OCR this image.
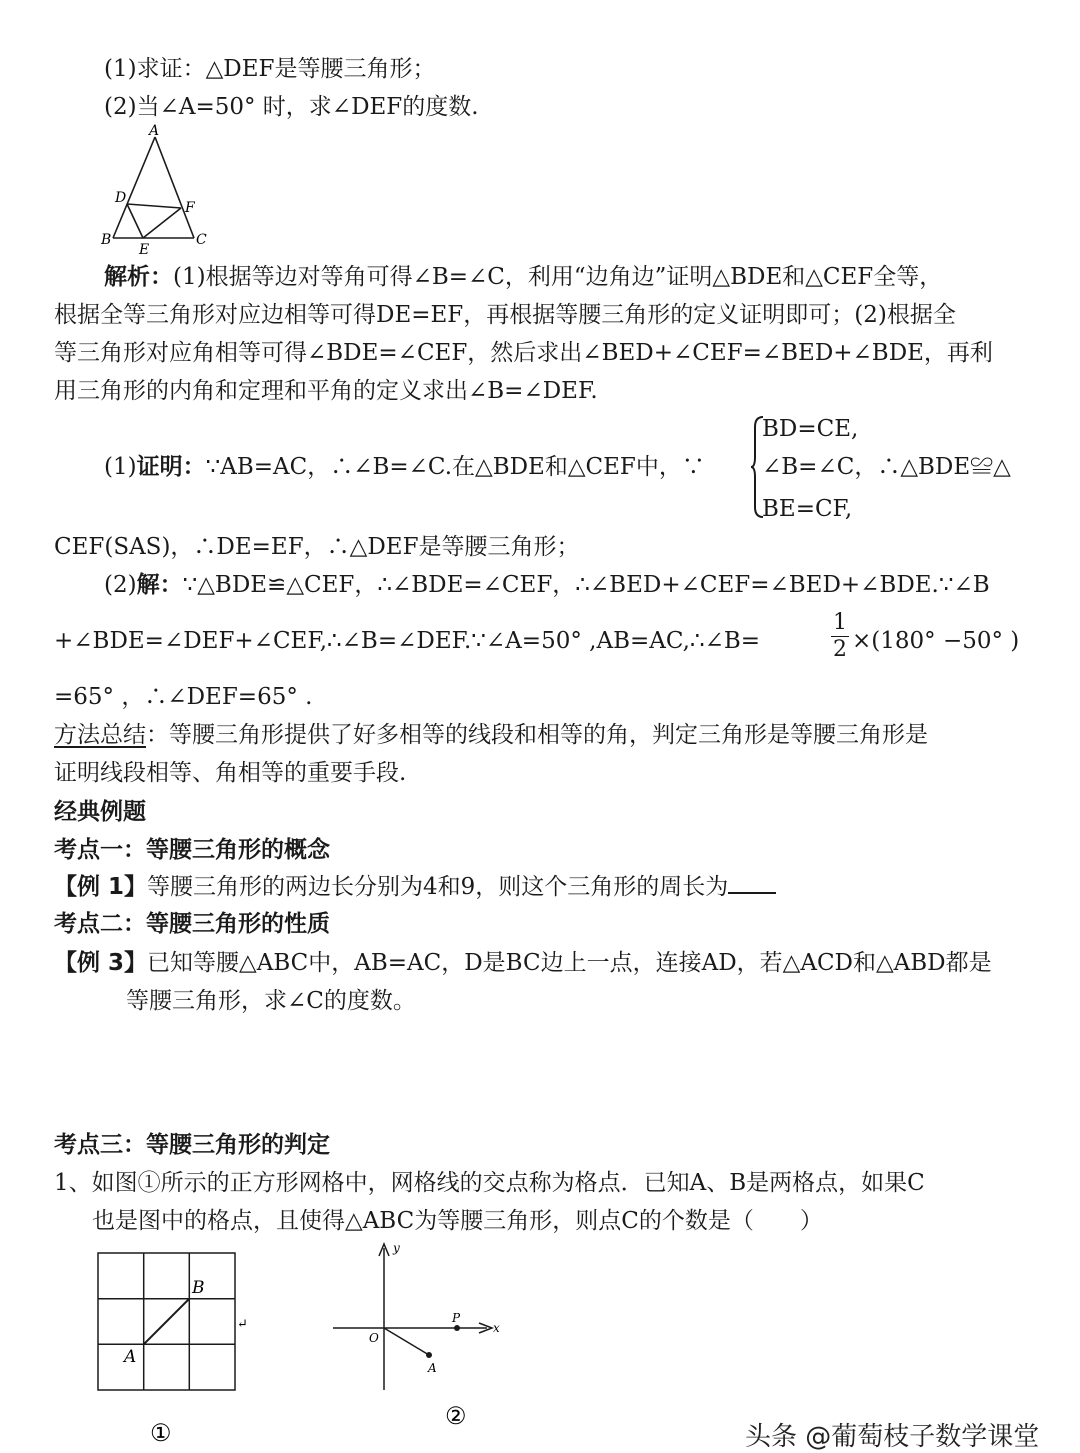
(1)求证：△DEF是等腰三角形；
(2)当∠A=50° 时，求∠DEF的度数.
A
D
F
B
E
C
解析：(1)根据等边对等角可得∠B=∠C，利用“边角边”证明△BDE和△CEF全等，
根据全等三角形对应边相等可得DE=EF，再根据等腰三角形的定义证明即可；(2)根据全
等三角形对应角相等可得∠BDE=∠CEF，然后求出∠BED+∠CEF=∠BED+∠BDE，再利
用三角形的内角和定理和平角的定义求出∠B=∠DEF.
(1)证明：∵AB=AC，∴∠B=∠C.在△BDE和△CEF中，∵
BD=CE,
∠B=∠C，∴△BDE≌△
BE=CF,
CEF(SAS)，∴DE=EF，∴△DEF是等腰三角形；
(2)解：∵△BDE≌△CEF，∴∠BDE=∠CEF，∴∠BED+∠CEF=∠BED+∠BDE.∵∠B
+∠BDE=∠DEF+∠CEF,∴∠B=∠DEF.∵∠A=50° ,AB=AC,∴∠B=
1
2 ×(180° −50° )
=65° ，∴∠DEF=65° .
方法总结：等腰三角形提供了好多相等的线段和相等的角，判定三角形是等腰三角形是
证明线段相等、角相等的重要手段.
经典例题
考点一：等腰三角形的概念
【例 1】等腰三角形的两边长分别为4和9，则这个三角形的周长为
考点二：等腰三角形的性质
【例 3】已知等腰△ABC中，AB=AC，D是BC边上一点，连接AD，若△ACD和△ABD都是
等腰三角形，求∠C的度数。
考点三：等腰三角形的判定
1、如图①所示的正方形网格中，网格线的交点称为格点．已知A、B是两格点，如果C
也是图中的格点，且使得△ABC为等腰三角形，则点C的个数是（　　）
B
A
↵
①
y
x
O
P
A
②
头条 @葡萄枝子数学课堂
